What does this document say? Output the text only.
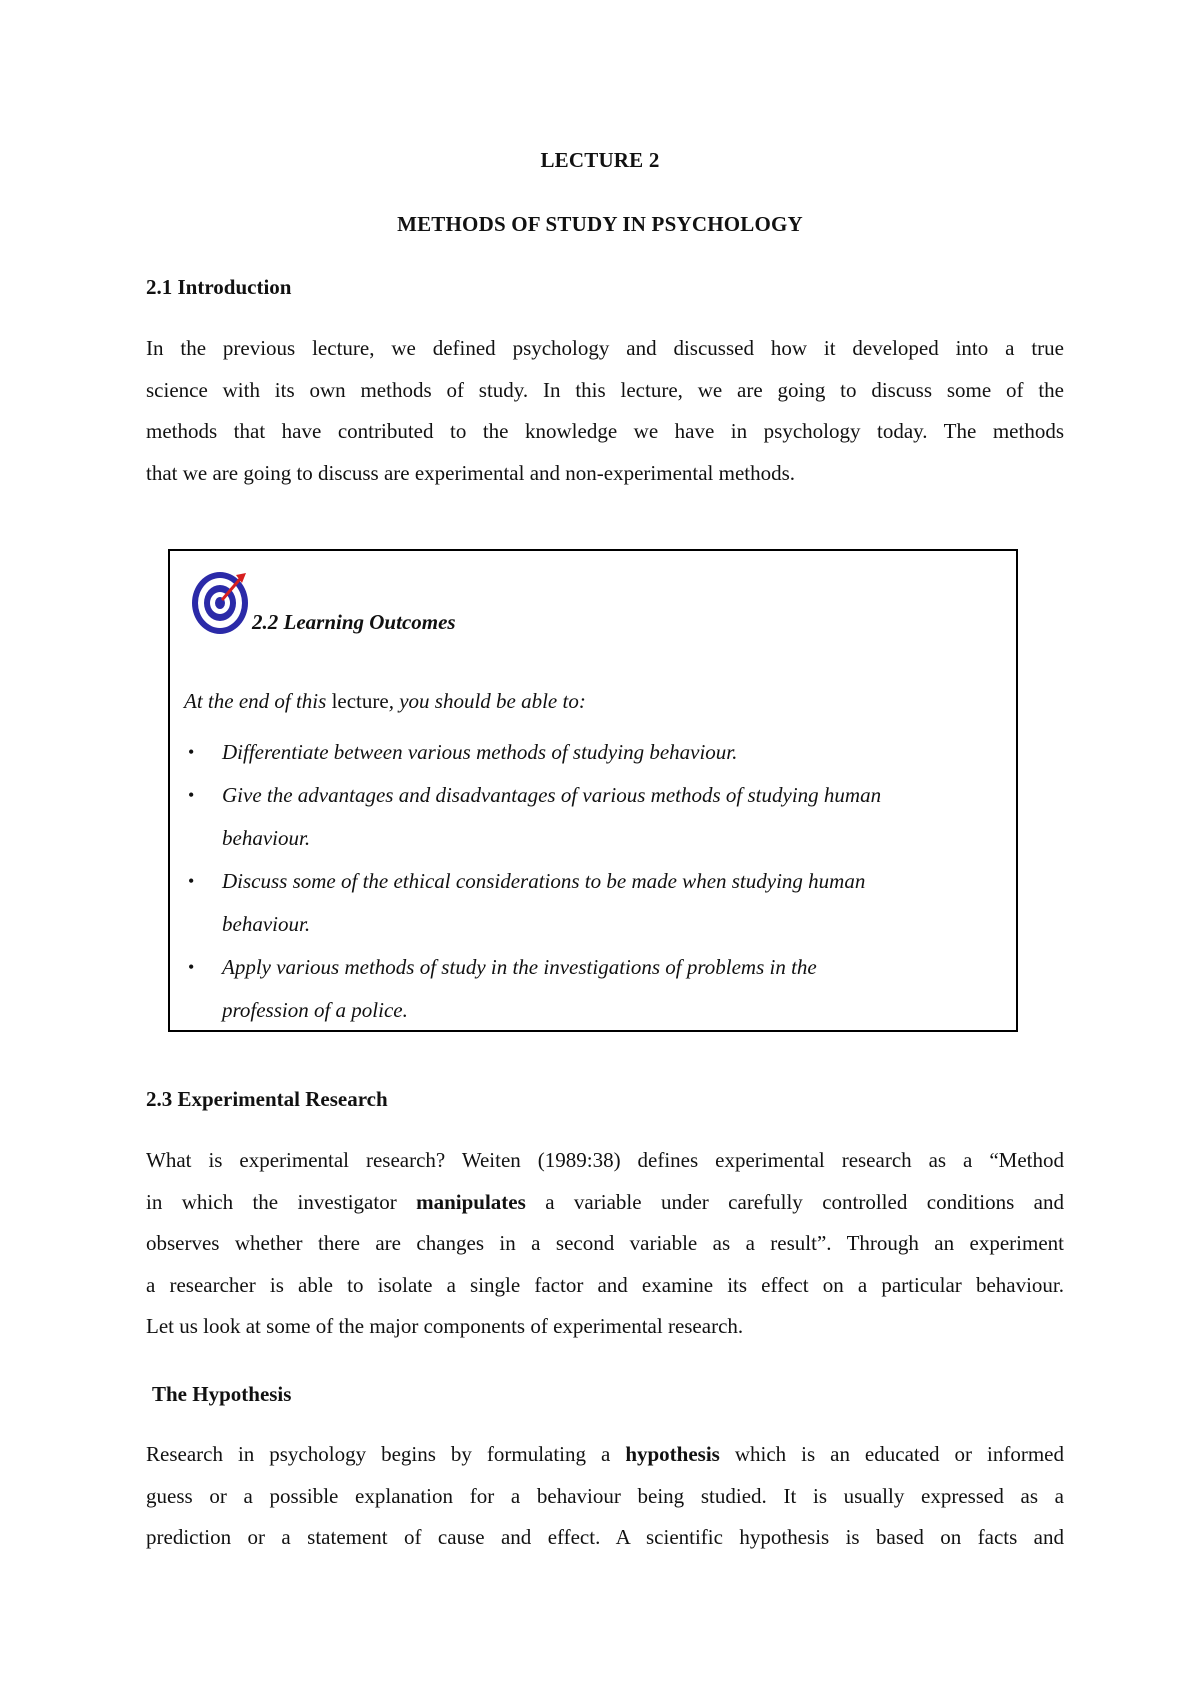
LECTURE 2
METHODS OF STUDY IN PSYCHOLOGY
2.1 Introduction
In the previous lecture, we defined psychology and discussed how it developed into a true
science with its own methods of study. In this lecture, we are going to discuss some of the
methods that have contributed to the knowledge we have in psychology today. The methods
that we are going to discuss are experimental and non-experimental methods.
2.2 Learning Outcomes
At the end of this lecture, you should be able to:
• Differentiate between various methods of studying behaviour.
• Give the advantages and disadvantages of various methods of studying human
behaviour.
• Discuss some of the ethical considerations to be made when studying human
behaviour.
• Apply various methods of study in the investigations of problems in the
profession of a police.
2.3 Experimental Research
What is experimental research? Weiten (1989:38) defines experimental research as a “Method
in which the investigator manipulates a variable under carefully controlled conditions and
observes whether there are changes in a second variable as a result”. Through an experiment
a researcher is able to isolate a single factor and examine its effect on a particular behaviour.
Let us look at some of the major components of experimental research.
The Hypothesis
Research in psychology begins by formulating a hypothesis which is an educated or informed
guess or a possible explanation for a behaviour being studied. It is usually expressed as a
prediction or a statement of cause and effect. A scientific hypothesis is based on facts and
